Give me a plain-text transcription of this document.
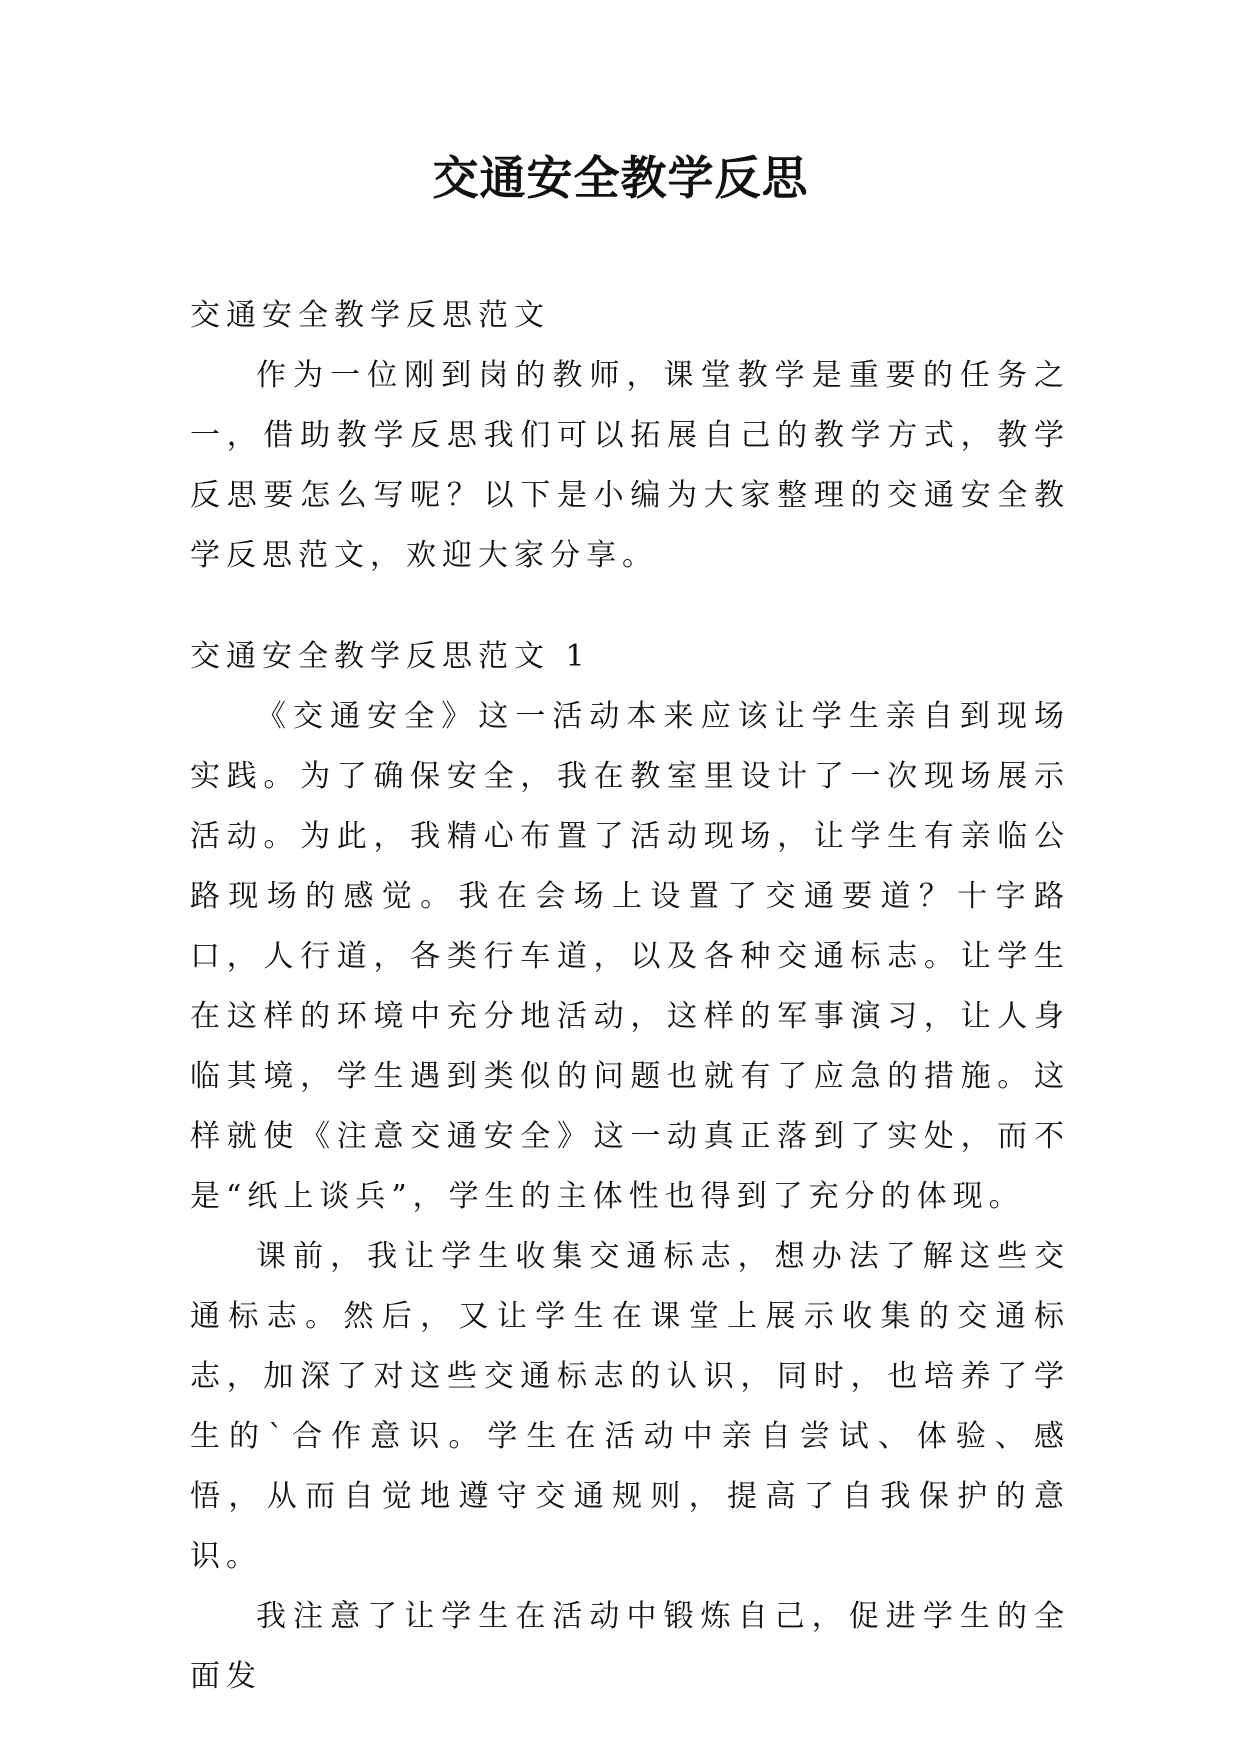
交通安全教学反思

交通安全教学反思范文

作为一位刚到岗的教师，课堂教学是重要的任务之一，借助教学反思我们可以拓展自己的教学方式，教学反思要怎么写呢？以下是小编为大家整理的交通安全教学反思范文，欢迎大家分享。

交通安全教学反思范文 1

《交通安全》这一活动本来应该让学生亲自到现场实践。为了确保安全，我在教室里设计了一次现场展示活动。为此，我精心布置了活动现场，让学生有亲临公路现场的感觉。我在会场上设置了交通要道？十字路口，人行道，各类行车道，以及各种交通标志。让学生在这样的环境中充分地活动，这样的军事演习，让人身临其境，学生遇到类似的问题也就有了应急的措施。这样就使《注意交通安全》这一动真正落到了实处，而不是“纸上谈兵”，学生的主体性也得到了充分的体现。

课前，我让学生收集交通标志，想办法了解这些交通标志。然后，又让学生在课堂上展示收集的交通标志，加深了对这些交通标志的认识，同时，也培养了学生的`合作意识。学生在活动中亲自尝试、体验、感悟，从而自觉地遵守交通规则，提高了自我保护的意识。

我注意了让学生在活动中锻炼自己，促进学生的全面发
